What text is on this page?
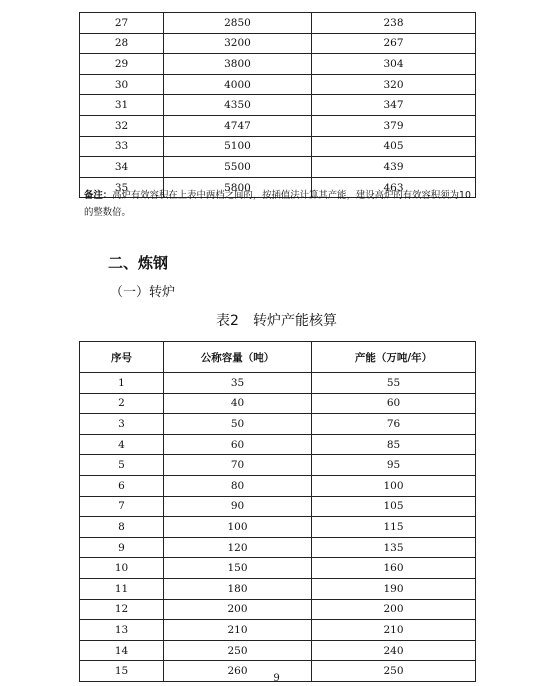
27	2850	238
28	3200	267
29	3800	304
30	4000	320
31	4350	347
32	4747	379
33	5100	405
34	5500	439
35	5800	463
备注：高炉有效容积在上表中两档之间的，按插值法计算其产能，建设高炉的有效容积须为10的整数倍。
二、炼钢
（一）转炉
表2　转炉产能核算
序号	公称容量（吨）	产能（万吨/年）
1	35	55
2	40	60
3	50	76
4	60	85
5	70	95
6	80	100
7	90	105
8	100	115
9	120	135
10	150	160
11	180	190
12	200	200
13	210	210
14	250	240
15	260	250
9
